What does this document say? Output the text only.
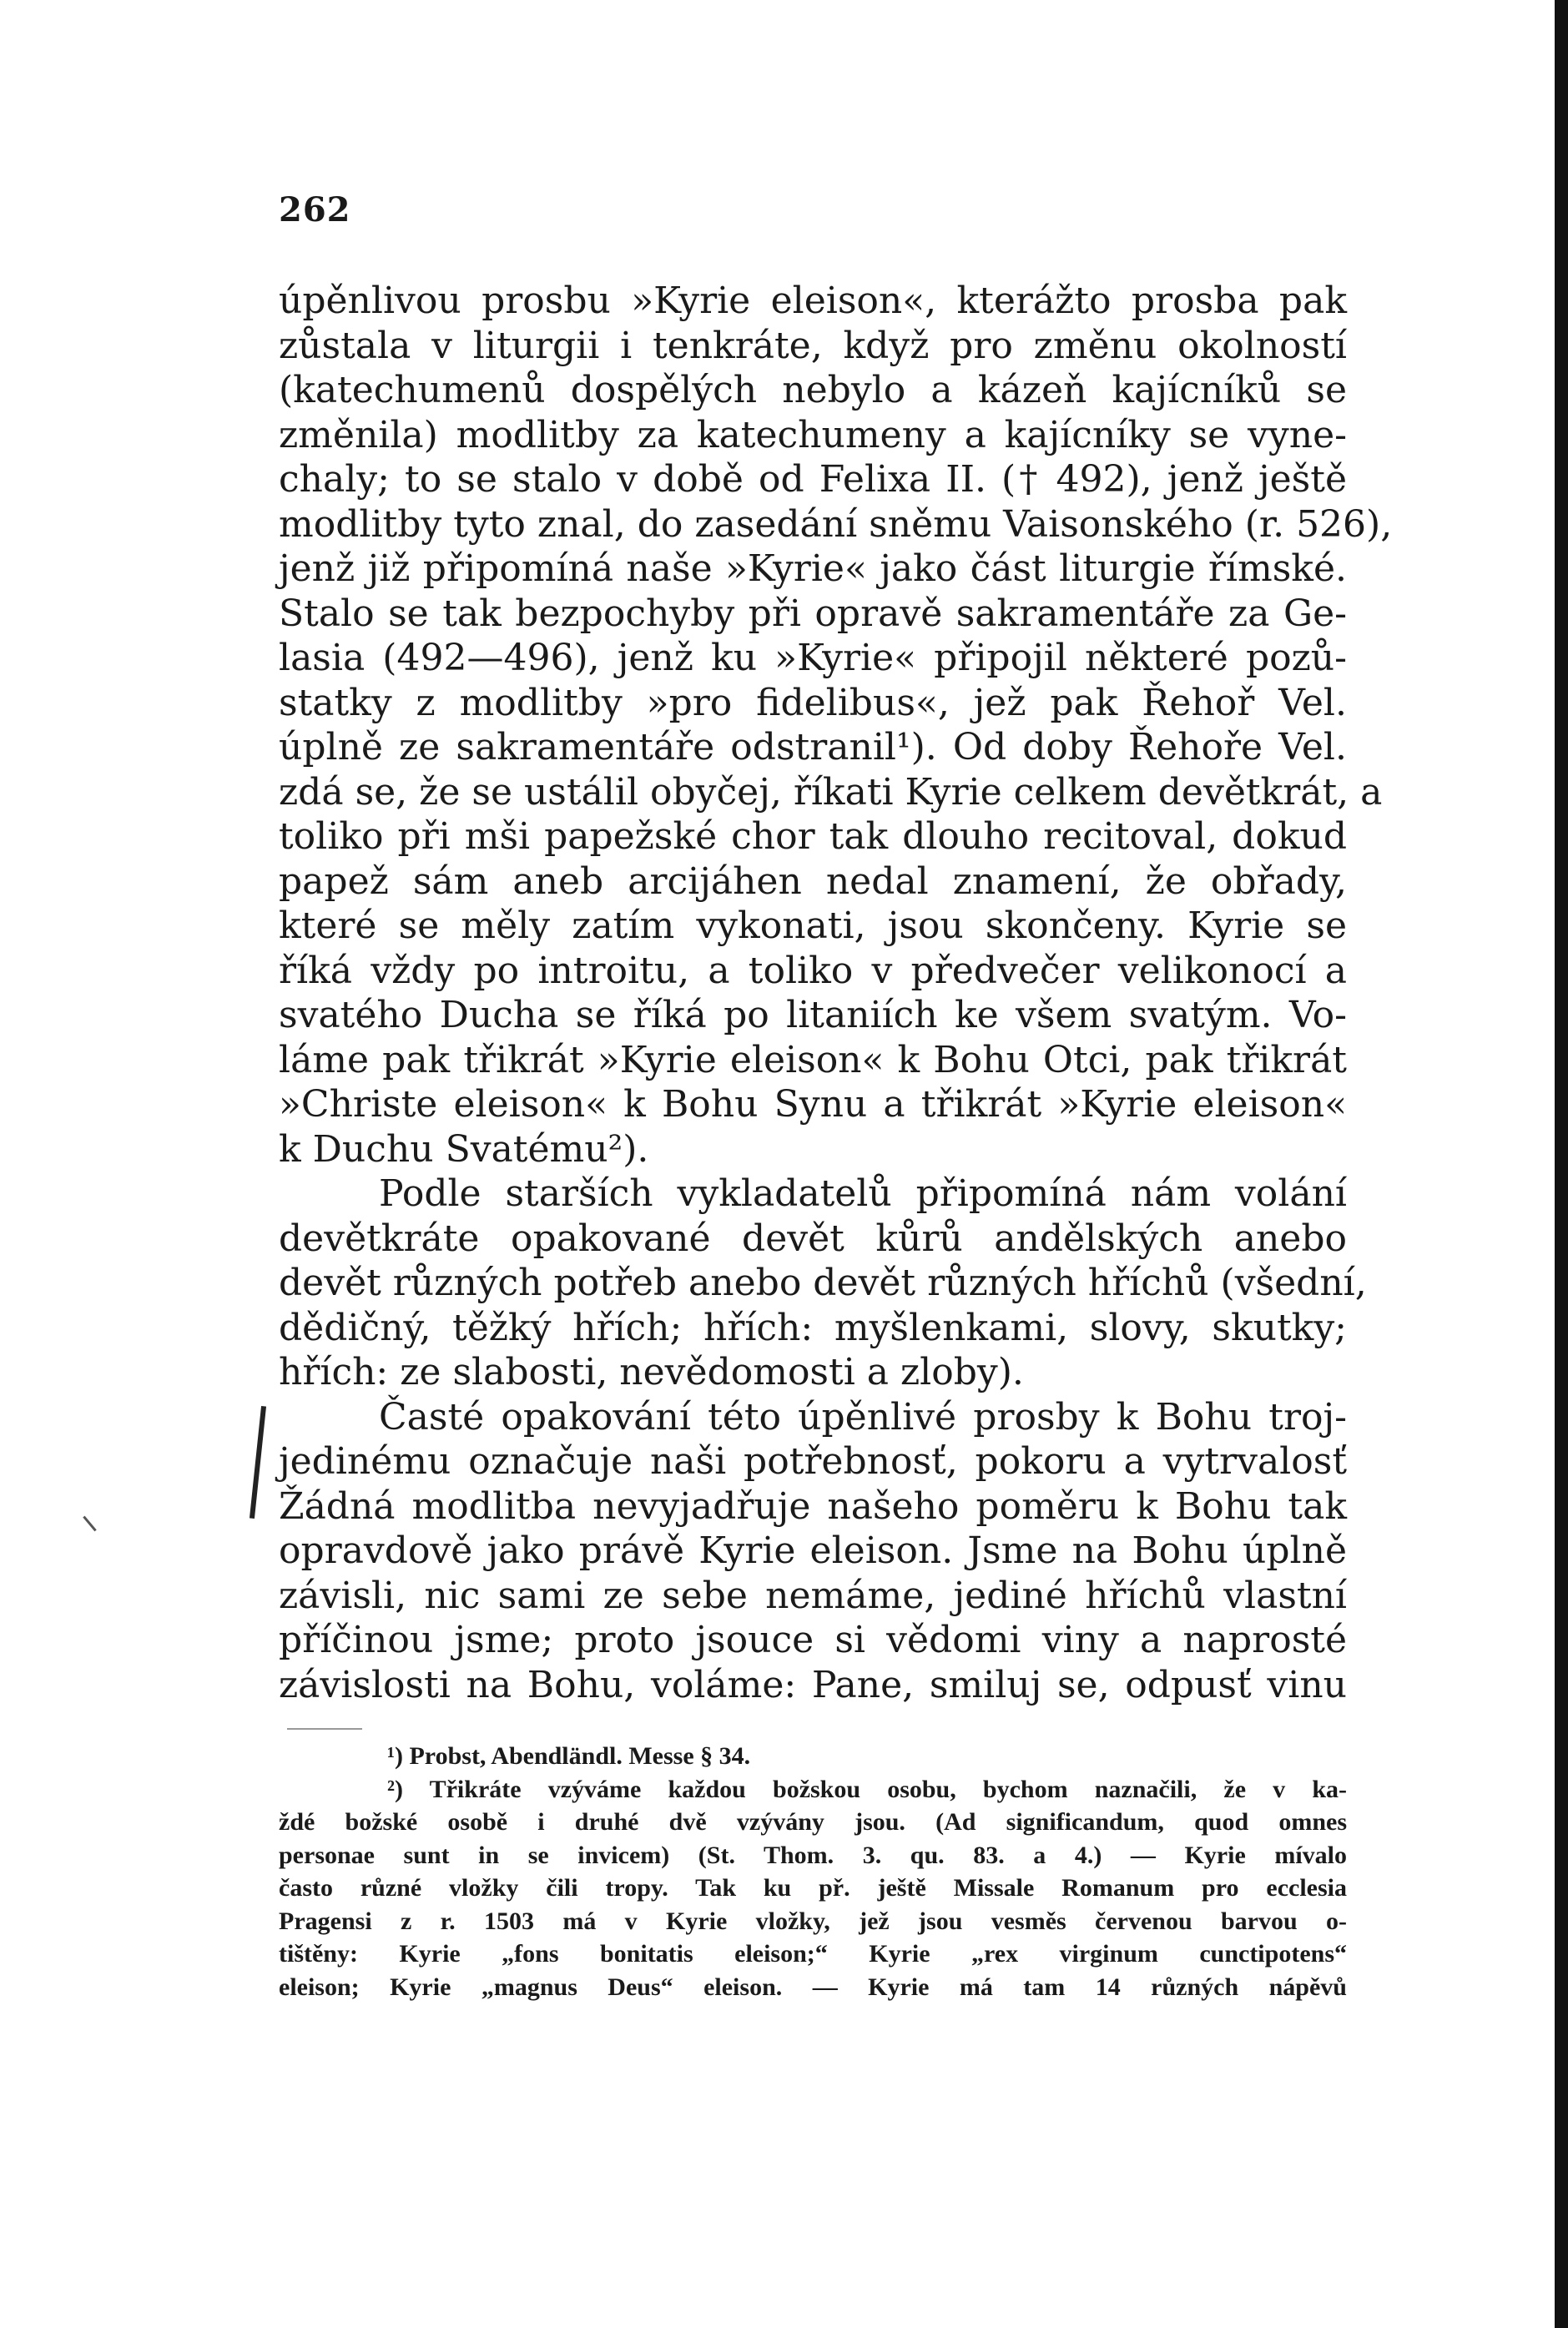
262
úpěnlivou prosbu »Kyrie eleison«, kterážto prosba pak
zůstala v liturgii i tenkráte, když pro změnu okolností
(katechumenů dospělých nebylo a kázeň kajícníků se
změnila) modlitby za katechumeny a kajícníky se vyne-
chaly; to se stalo v době od Felixa II. († 492), jenž ještě
modlitby tyto znal, do zasedání sněmu Vaisonského (r. 526),
jenž již připomíná naše »Kyrie« jako část liturgie římské.
Stalo se tak bezpochyby při opravě sakramentáře za Ge-
lasia (492—496), jenž ku »Kyrie« připojil některé pozů-
statky z modlitby »pro fidelibus«, jež pak Řehoř Vel.
úplně ze sakramentáře odstranil¹). Od doby Řehoře Vel.
zdá se, že se ustálil obyčej, říkati Kyrie celkem devětkrát, a
toliko při mši papežské chor tak dlouho recitoval, dokud
papež sám aneb arcijáhen nedal znamení, že obřady,
které se měly zatím vykonati, jsou skončeny. Kyrie se
říká vždy po introitu, a toliko v předvečer velikonocí a
svatého Ducha se říká po litaniích ke všem svatým. Vo-
láme pak třikrát »Kyrie eleison« k Bohu Otci, pak třikrát
»Christe eleison« k Bohu Synu a třikrát »Kyrie eleison«
k Duchu Svatému²).
Podle starších vykladatelů připomíná nám volání
devětkráte opakované devět kůrů andělských anebo
devět různých potřeb anebo devět různých hříchů (všední,
dědičný, těžký hřích; hřích: myšlenkami, slovy, skutky;
hřích: ze slabosti, nevědomosti a zloby).
Časté opakování této úpěnlivé prosby k Bohu troj-
jedinému označuje naši potřebnosť, pokoru a vytrvalosť
Žádná modlitba nevyjadřuje našeho poměru k Bohu tak
opravdově jako právě Kyrie eleison. Jsme na Bohu úplně
závisli, nic sami ze sebe nemáme, jediné hříchů vlastní
příčinou jsme; proto jsouce si vědomi viny a naprosté
závislosti na Bohu, voláme: Pane, smiluj se, odpusť vinu
¹) Probst, Abendländl. Messe § 34.
²) Třikráte vzýváme každou božskou osobu, bychom naznačili, že v ka-
ždé božské osobě i druhé dvě vzývány jsou. (Ad significandum, quod omnes
personae sunt in se invicem) (St. Thom. 3. qu. 83. a 4.) — Kyrie mívalo
často různé vložky čili tropy. Tak ku př. ještě Missale Romanum pro ecclesia
Pragensi z r. 1503 má v Kyrie vložky, jež jsou vesměs červenou barvou o-
tištěny: Kyrie „fons bonitatis eleison;“ Kyrie „rex virginum cunctipotens“
eleison; Kyrie „magnus Deus“ eleison. — Kyrie má tam 14 různých nápěvů
